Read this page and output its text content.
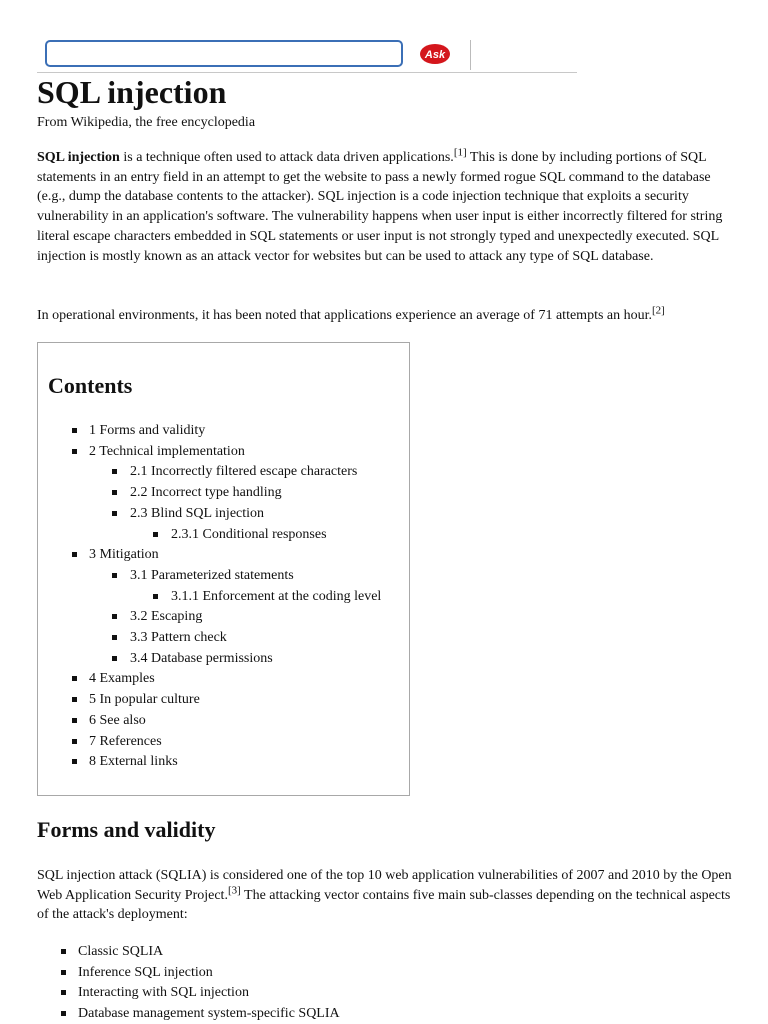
Ask
SQL injection

From Wikipedia, the free encyclopedia

SQL injection is a technique often used to attack data driven applications.[1] This is done by including portions of SQL statements in an entry field in an attempt to get the website to pass a newly formed rogue SQL command to the database (e.g., dump the database contents to the attacker). SQL injection is a code injection technique that exploits a security vulnerability in an application's software. The vulnerability happens when user input is either incorrectly filtered for string literal escape characters embedded in SQL statements or user input is not strongly typed and unexpectedly executed. SQL injection is mostly known as an attack vector for websites but can be used to attack any type of SQL database.

In operational environments, it has been noted that applications experience an average of 71 attempts an hour.[2]

Contents
1 Forms and validity
2 Technical implementation
2.1 Incorrectly filtered escape characters
2.2 Incorrect type handling
2.3 Blind SQL injection
2.3.1 Conditional responses
3 Mitigation
3.1 Parameterized statements
3.1.1 Enforcement at the coding level
3.2 Escaping
3.3 Pattern check
3.4 Database permissions
4 Examples
5 In popular culture
6 See also
7 References
8 External links
Forms and validity

SQL injection attack (SQLIA) is considered one of the top 10 web application vulnerabilities of 2007 and 2010 by the Open Web Application Security Project.[3] The attacking vector contains five main sub-classes depending on the technical aspects of the attack's deployment:

Classic SQLIA
Inference SQL injection
Interacting with SQL injection
Database management system-specific SQLIA
